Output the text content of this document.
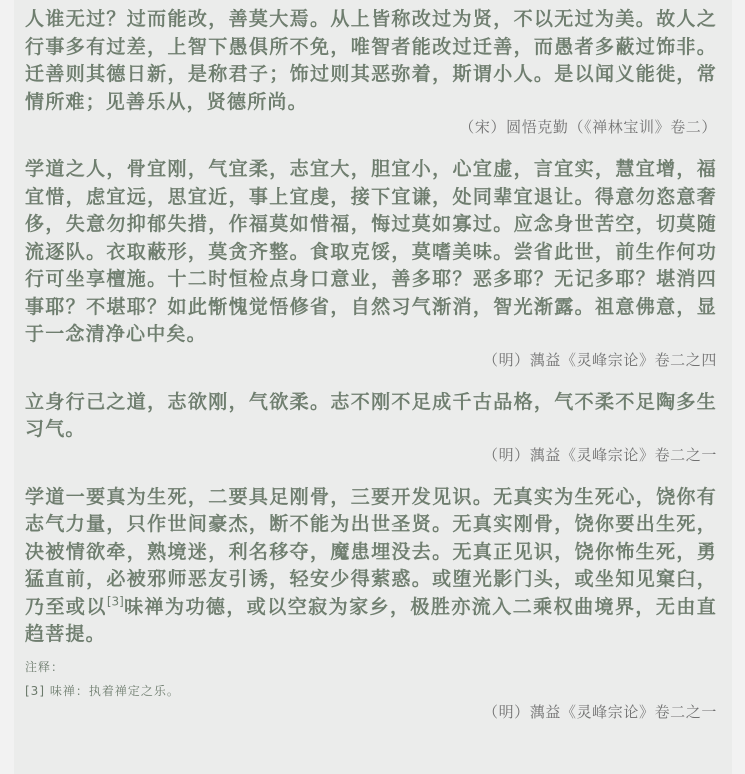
人谁无过？过而能改，善莫大焉。从上皆称改过为贤，不以无过为美。故人之行事多有过差，上智下愚俱所不免，唯智者能改过迁善，而愚者多蔽过饰非。迁善则其德日新，是称君子；饰过则其恶弥着，斯谓小人。是以闻义能徙，常情所难；见善乐从，贤德所尚。

（宋）圆悟克勤（《禅林宝训》卷二）

学道之人，骨宜刚，气宜柔，志宜大，胆宜小，心宜虚，言宜实，慧宜增，福宜惜，虑宜远，思宜近，事上宜虔，接下宜谦，处同辈宜退让。得意勿恣意奢侈，失意勿抑郁失措，作福莫如惜福，悔过莫如寡过。应念身世苦空，切莫随流逐队。衣取蔽形，莫贪齐整。食取克馁，莫嗜美味。尝省此世，前生作何功行可坐享檀施。十二时恒检点身口意业，善多耶？恶多耶？无记多耶？堪消四事耶？不堪耶？如此惭愧觉悟修省，自然习气渐消，智光渐露。祖意佛意，显于一念清净心中矣。

（明）蕅益《灵峰宗论》卷二之四

立身行己之道，志欲刚，气欲柔。志不刚不足成千古品格，气不柔不足陶多生习气。

（明）蕅益《灵峰宗论》卷二之一

学道一要真为生死，二要具足刚骨，三要开发见识。无真实为生死心，饶你有志气力量，只作世间豪杰，断不能为出世圣贤。无真实刚骨，饶你要出生死，决被情欲牵，熟境迷，利名移夺，魔患埋没去。无真正见识，饶你怖生死，勇猛直前，必被邪师恶友引诱，轻安少得萦惑。或堕光影门头，或坐知见窠臼，乃至或以[3]味禅为功德，或以空寂为家乡，极胜亦流入二乘权曲境界，无由直趋菩提。

注释：

[3] 味禅：执着禅定之乐。

（明）蕅益《灵峰宗论》卷二之一
